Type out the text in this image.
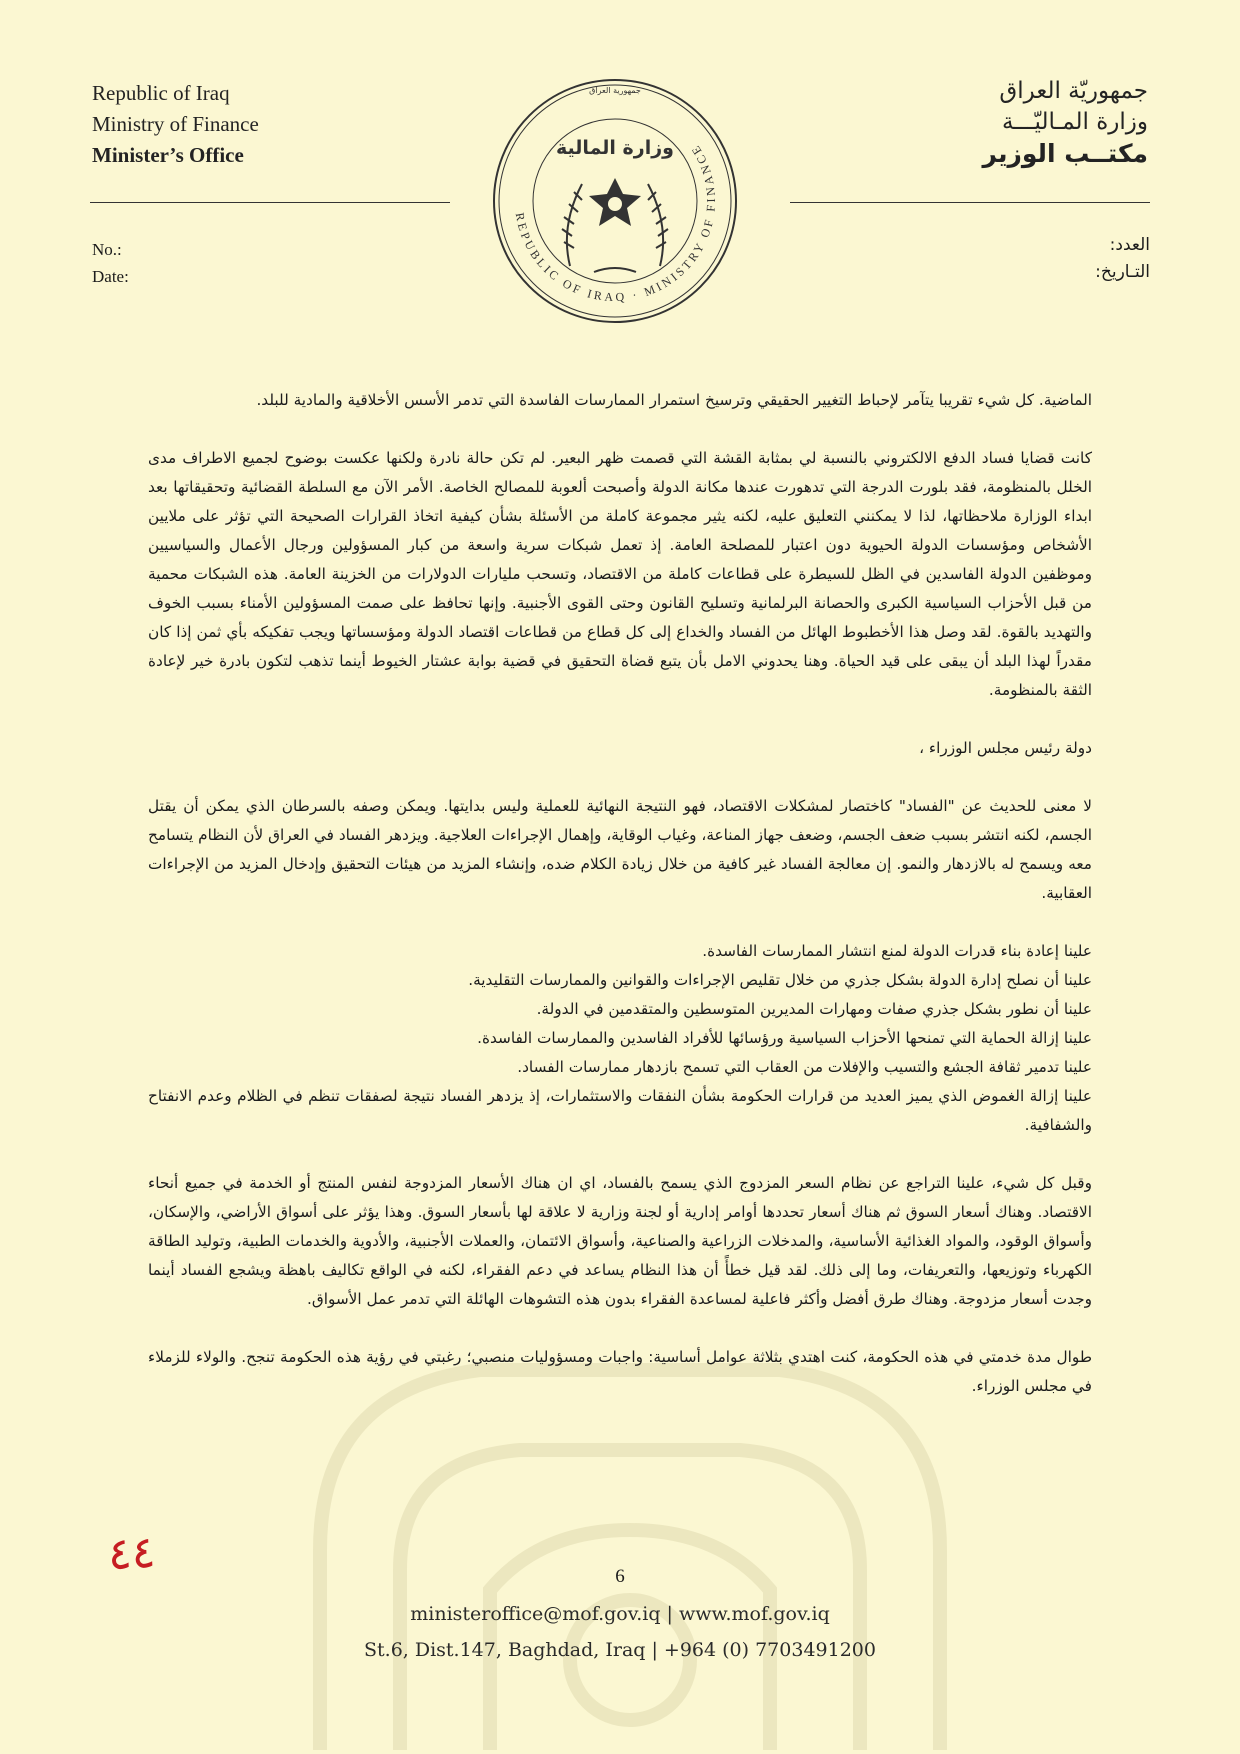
Republic of Iraq
Ministry of Finance
Minister’s Office
جمهوريّة العراق
وزارة المـاليّـــة
مكتــب الوزير
REPUBLIC OF IRAQ · MINISTRY OF FINANCE
جمهورية العراق
وزارة المالية
No.:
Date:
العدد:
التـاريخ:

الماضية. كل شيء تقريبا يتآمر لإحباط التغيير الحقيقي وترسيخ استمرار الممارسات الفاسدة التي تدمر الأسس الأخلاقية والمادية للبلد.

كانت قضايا فساد الدفع الالكتروني بالنسبة لي بمثابة القشة التي قصمت ظهر البعير. لم تكن حالة نادرة ولكنها عكست بوضوح لجميع الاطراف مدى الخلل بالمنظومة، فقد بلورت الدرجة التي تدهورت عندها مكانة الدولة وأصبحت ألعوبة للمصالح الخاصة. الأمر الآن مع السلطة القضائية وتحقيقاتها بعد ابداء الوزارة ملاحظاتها، لذا لا يمكنني التعليق عليه، لكنه يثير مجموعة كاملة من الأسئلة بشأن كيفية اتخاذ القرارات الصحيحة التي تؤثر على ملايين الأشخاص ومؤسسات الدولة الحيوية دون اعتبار للمصلحة العامة. إذ تعمل شبكات سرية واسعة من كبار المسؤولين ورجال الأعمال والسياسيين وموظفين الدولة الفاسدين في الظل للسيطرة على قطاعات كاملة من الاقتصاد، وتسحب مليارات الدولارات من الخزينة العامة. هذه الشبكات محمية من قبل الأحزاب السياسية الكبرى والحصانة البرلمانية وتسليح القانون وحتى القوى الأجنبية. وإنها تحافظ على صمت المسؤولين الأمناء بسبب الخوف والتهديد بالقوة. لقد وصل هذا الأخطبوط الهائل من الفساد والخداع إلى كل قطاع من قطاعات اقتصاد الدولة ومؤسساتها ويجب تفكيكه بأي ثمن إذا كان مقدراً لهذا البلد أن يبقى على قيد الحياة. وهنا يحدوني الامل بأن يتبع قضاة التحقيق في قضية بوابة عشتار الخيوط أينما تذهب لتكون بادرة خير لإعادة الثقة بالمنظومة.

دولة رئيس مجلس الوزراء ،

لا معنى للحديث عن "الفساد" كاختصار لمشكلات الاقتصاد، فهو النتيجة النهائية للعملية وليس بدايتها. ويمكن وصفه بالسرطان الذي يمكن أن يقتل الجسم، لكنه انتشر بسبب ضعف الجسم، وضعف جهاز المناعة، وغياب الوقاية، وإهمال الإجراءات العلاجية. ويزدهر الفساد في العراق لأن النظام يتسامح معه ويسمح له بالازدهار والنمو. إن معالجة الفساد غير كافية من خلال زيادة الكلام ضده، وإنشاء المزيد من هيئات التحقيق وإدخال المزيد من الإجراءات العقابية.

علينا إعادة بناء قدرات الدولة لمنع انتشار الممارسات الفاسدة.
علينا أن نصلح إدارة الدولة بشكل جذري من خلال تقليص الإجراءات والقوانين والممارسات التقليدية.
علينا أن نطور بشكل جذري صفات ومهارات المديرين المتوسطين والمتقدمين في الدولة.
علينا إزالة الحماية التي تمنحها الأحزاب السياسية ورؤسائها للأفراد الفاسدين والممارسات الفاسدة.
علينا تدمير ثقافة الجشع والتسيب والإفلات من العقاب التي تسمح بازدهار ممارسات الفساد.
علينا إزالة الغموض الذي يميز العديد من قرارات الحكومة بشأن النفقات والاستثمارات، إذ يزدهر الفساد نتيجة لصفقات تنظم في الظلام وعدم الانفتاح والشفافية.

وقبل كل شيء، علينا التراجع عن نظام السعر المزدوج الذي يسمح بالفساد، اي ان هناك الأسعار المزدوجة لنفس المنتج أو الخدمة في جميع أنحاء الاقتصاد. وهناك أسعار السوق ثم هناك أسعار تحددها أوامر إدارية أو لجنة وزارية لا علاقة لها بأسعار السوق. وهذا يؤثر على أسواق الأراضي، والإسكان، وأسواق الوقود، والمواد الغذائية الأساسية، والمدخلات الزراعية والصناعية، وأسواق الائتمان، والعملات الأجنبية، والأدوية والخدمات الطبية، وتوليد الطاقة الكهرباء وتوزيعها، والتعريفات، وما إلى ذلك. لقد قيل خطأً أن هذا النظام يساعد في دعم الفقراء، لكنه في الواقع تكاليف باهظة ويشجع الفساد أينما وجدت أسعار مزدوجة. وهناك طرق أفضل وأكثر فاعلية لمساعدة الفقراء بدون هذه التشوهات الهائلة التي تدمر عمل الأسواق.

طوال مدة خدمتي في هذه الحكومة، كنت اهتدي بثلاثة عوامل أساسية: واجبات ومسؤوليات منصبي؛ رغبتي في رؤية هذه الحكومة تنجح. والولاء للزملاء في مجلس الوزراء.

٤٤	6
ministeroffice@mof.gov.iq | www.mof.gov.iq
St.6, Dist.147, Baghdad, Iraq | +964 (0) 7703491200
